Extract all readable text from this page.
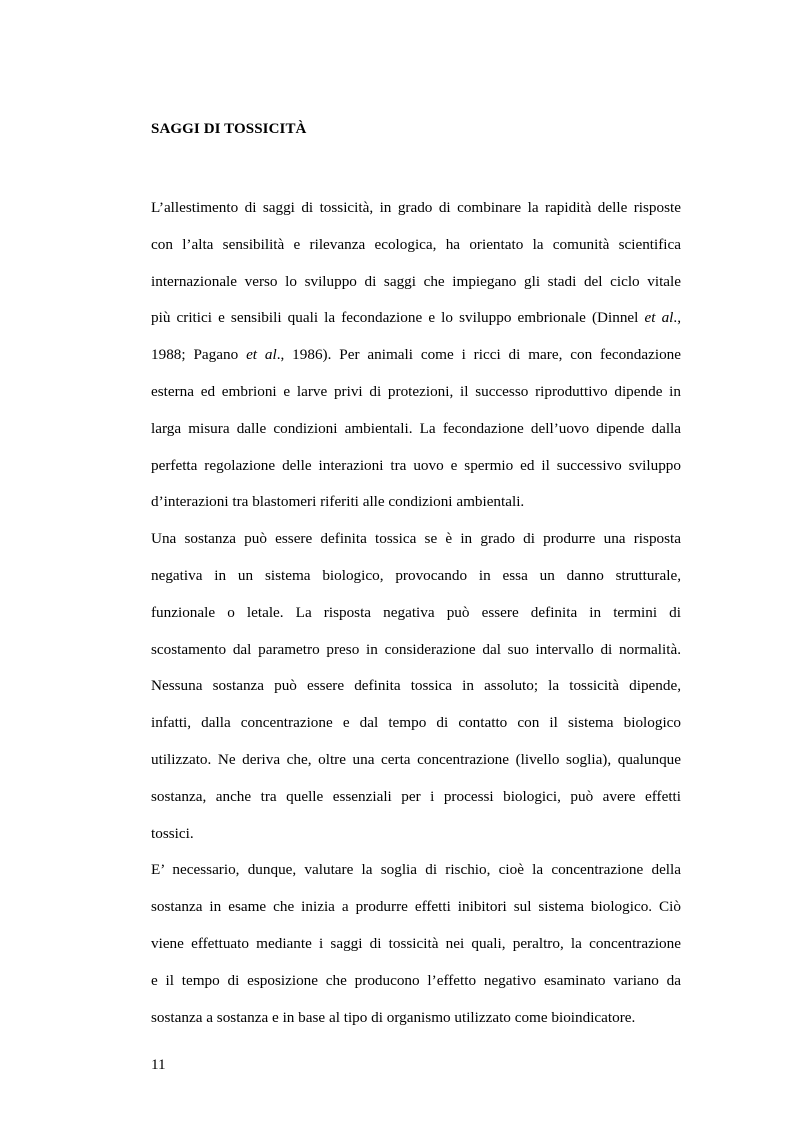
SAGGI DI TOSSICITÀ
L’allestimento di saggi di tossicità, in grado di combinare la rapidità delle risposte
con l’alta sensibilità e rilevanza ecologica, ha orientato la comunità scientifica
internazionale verso lo sviluppo di saggi che impiegano gli stadi del ciclo vitale
più critici e sensibili quali la fecondazione e lo sviluppo embrionale (Dinnel et al.,
1988; Pagano et al., 1986). Per animali come i ricci di mare, con fecondazione
esterna ed embrioni e larve privi di protezioni, il successo riproduttivo dipende in
larga misura dalle condizioni ambientali. La fecondazione dell’uovo dipende dalla
perfetta regolazione delle interazioni tra uovo e spermio ed il successivo sviluppo
d’interazioni tra blastomeri riferiti alle condizioni ambientali.
Una sostanza può essere definita tossica se è in grado di produrre una risposta
negativa in un sistema biologico, provocando in essa un danno strutturale,
funzionale o letale. La risposta negativa può essere definita in termini di
scostamento dal parametro preso in considerazione dal suo intervallo di normalità.
Nessuna sostanza può essere definita tossica in assoluto; la tossicità dipende,
infatti, dalla concentrazione e dal tempo di contatto con il sistema biologico
utilizzato. Ne deriva che, oltre una certa concentrazione (livello soglia), qualunque
sostanza, anche tra quelle essenziali per i processi biologici, può avere effetti
tossici.
E’ necessario, dunque, valutare la soglia di rischio, cioè la concentrazione della
sostanza in esame che inizia a produrre effetti inibitori sul sistema biologico. Ciò
viene effettuato mediante i saggi di tossicità nei quali, peraltro, la concentrazione
e il tempo di esposizione che producono l’effetto negativo esaminato variano da
sostanza a sostanza e in base al tipo di organismo utilizzato come bioindicatore.
11
